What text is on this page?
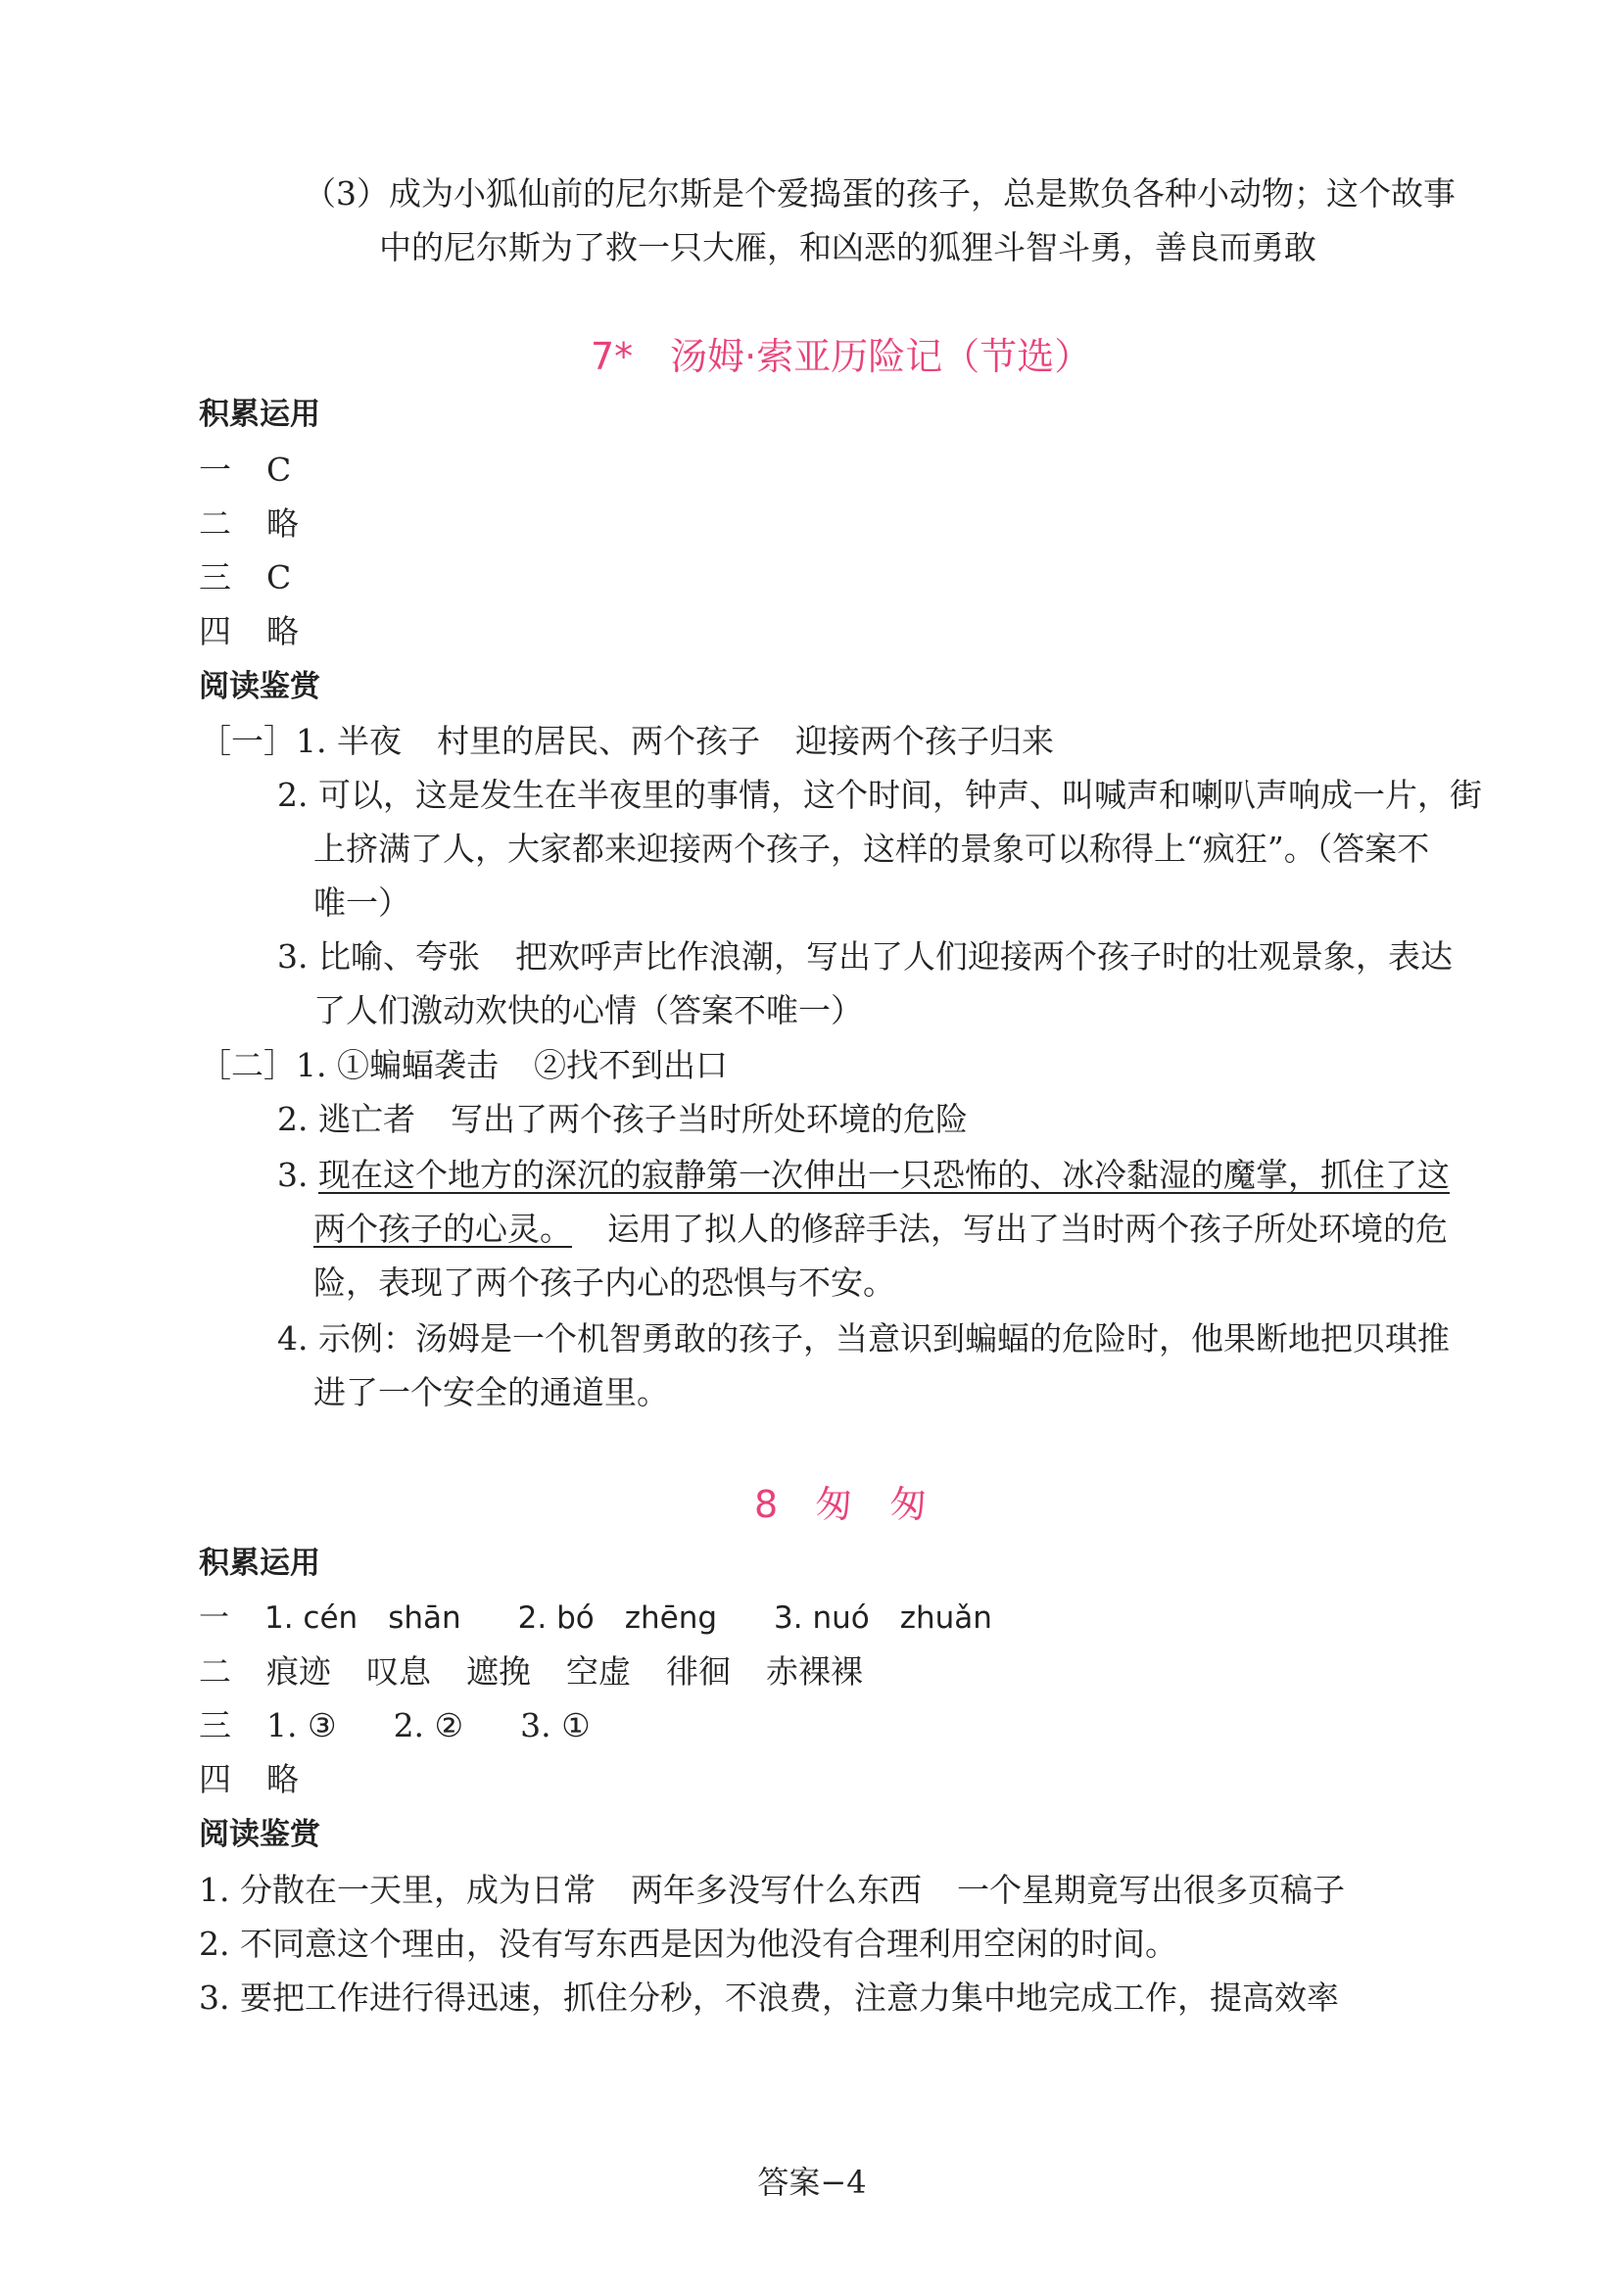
（3）成为小狐仙前的尼尔斯是个爱捣蛋的孩子，总是欺负各种小动物；这个故事
中的尼尔斯为了救一只大雁，和凶恶的狐狸斗智斗勇，善良而勇敢
7*　汤姆·索亚历险记（节选）
积累运用
一 C
二 略
三 C
四 略
阅读鉴赏
［一］1. 半夜 村里的居民、两个孩子 迎接两个孩子归来
2. 可以，这是发生在半夜里的事情，这个时间，钟声、叫喊声和喇叭声响成一片，街
上挤满了人，大家都来迎接两个孩子，这样的景象可以称得上“疯狂”。（答案不
唯一）
3. 比喻、夸张 把欢呼声比作浪潮，写出了人们迎接两个孩子时的壮观景象，表达
了人们激动欢快的心情（答案不唯一）
［二］1. ①蝙蝠袭击 ②找不到出口
2. 逃亡者 写出了两个孩子当时所处环境的危险
3. 现在这个地方的深沉的寂静第一次伸出一只恐怖的、冰冷黏湿的魔掌，抓住了这
两个孩子的心灵。 运用了拟人的修辞手法，写出了当时两个孩子所处环境的危
险，表现了两个孩子内心的恐惧与不安。
4. 示例：汤姆是一个机智勇敢的孩子，当意识到蝙蝠的危险时，他果断地把贝琪推
进了一个安全的通道里。
8　匆　匆
积累运用
一 1. cén　shān 2. bó　zhēng 3. nuó　zhuǎn
二 痕迹 叹息 遮挽 空虚 徘徊 赤裸裸
三 1. ③ 2. ② 3. ①
四 略
阅读鉴赏
1. 分散在一天里，成为日常 两年多没写什么东西 一个星期竟写出很多页稿子
2. 不同意这个理由，没有写东西是因为他没有合理利用空闲的时间。
3. 要把工作进行得迅速，抓住分秒，不浪费，注意力集中地完成工作，提高效率
答案−4
